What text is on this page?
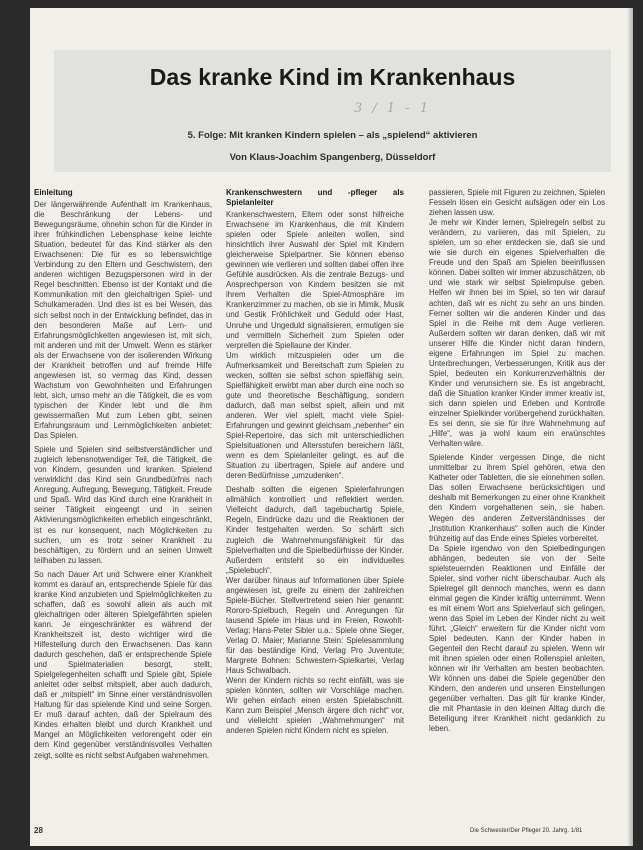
Das kranke Kind im Krankenhaus
3 / 1 - 1
5. Folge: Mit kranken Kindern spielen – als „spielend“ aktivieren
Von Klaus-Joachim Spangenberg, Düsseldorf
Einleitung

Der längerwährende Aufenthalt im Krankenhaus, die Beschränkung der Lebens- und Bewegungsräume, ohnehin schon für die Kinder in ihrer frühkindlichen Lebensphase keine leichte Situation, bedeutet für das Kind stärker als den Erwachsenen: Die für es so lebenswichtige Verbindung zu den Eltern und Geschwistern, den anderen wichtigen Bezugspersonen wird in der Regel beschnitten. Ebenso ist der Kontakt und die Kommunikation mit den gleichaltrigen Spiel- und Schulkameraden. Und dies ist es bei Wesen, das sich selbst noch in der Entwicklung befindet, das in den besonderen Maße auf Lern- und Erfahrungsmöglichkeiten angewiesen ist, mit sich, mit anderen und mit der Umwelt. Wenn es stärker als der Erwachsene von der isolierenden Wirkung der Krankheit betroffen und auf fremde Hilfe angewiesen ist, so vermag das Kind, dessen Wachstum von Gewohnheiten und Erfahrungen lebt, sich, umso mehr an die Tätigkeit, die es vom typischen der Kinder lebt und die ihm gewissermaßen Mut zum Leben gibt, seinen Erfahrungsraum und Lernmöglichkeiten anbietet: Das Spielen.

Spiele und Spielen sind selbstverständlicher und zugleich lebensnotwendiger Teil, die Tätigkeit, die von Kindern, gesunden und kranken. Spielend verwirklicht das Kind sein Grundbedürfnis nach Anregung, Aufregung, Bewegung, Tätigkeit, Freude und Spaß. Wird das Kind durch eine Krankheit in seiner Tätigkeit eingeengt und in seinen Aktivierungsmöglichkeiten erheblich eingeschränkt, ist es nur konsequent, nach Möglichkeiten zu suchen, um es trotz seiner Krankheit zu beschäftigen, zu fördern und an seinen Umwelt teilhaben zu lassen.

So nach Dauer Art und Schwere einer Krankheit kommt es darauf an, entsprechende Spiele für das kranke Kind anzubieten und Spielmöglichkeiten zu schaffen, daß es sowohl allein als auch mit gleichaltrigen oder älteren Spielgefährten spielen kann. Je eingeschränkter es während der Krankheitszeit ist, desto wichtiger wird die Hilfestellung durch den Erwachsenen. Das kann dadurch geschehen, daß er entsprechende Spiele und Spielmaterialien besorgt, stellt, Spielgelegenheiten schafft und Spiele gibt, Spiele anleitet oder selbst mitspielt, aber auch dadurch, daß er „mitspielt“ im Sinne einer verständnisvollen Haltung für das spielende Kind und seine Sorgen. Er muß darauf achten, daß der Spielraum des Kindes erhalten bleibt und durch Krankheit und Mangel an Möglichkeiten verlorengeht oder ein dem Kind gegenüber verständnisvolles Verhalten zeigt, sollte es nicht selbst Aufgaben wahrnehmen.

Krankenschwestern und -pfleger als Spielanleiter

Krankenschwestern, Eltern oder sonst hilfreiche Erwachsene im Krankenhaus, die mit Kindern spielen oder Spiele anleiten wollen, sind hinsichtlich ihrer Auswahl der Spiel mit Kindern gleicherweise Spielpartner. Sie können ebenso gewinnen wie verlieren und sollten dabei offen ihre Gefühle ausdrücken. Als die zentrale Bezugs- und Ansprechperson von Kindern besitzen sie mit ihrem Verhalten die Spiel-Atmosphäre im Krankenzimmer zu machen, ob sie in Mimik, Musik und Gestik Fröhlichkeit und Geduld oder Hast, Unruhe und Ungeduld signalisieren, ermutigen sie und vermitteln Sicherheit zum Spielen oder verprellen die Spiellaune der Kinder.

Um wirklich mitzuspielen oder um die Aufmerksamkeit und Bereitschaft zum Spielen zu wecken, sollten sie selbst schon spielfähig sein. Spielfähigkeit erwirbt man aber durch eine noch so gute und theoretische Beschäftigung, sondern dadurch, daß man selbst spielt, allein und mit anderen. Wer viel spielt, macht viele Spiel-Erfahrungen und gewinnt gleichsam „nebenher“ ein Spiel-Repertoire, das sich mit unterschiedlichen Spielsituationen und Altersstufen bereichern läßt, wenn es dem Spielanleiter gelingt, es auf die Situation zu übertragen, Spiele auf andere und deren Bedürfnisse „umzudenken“.

Deshalb sollten die eigenen Spielerfahrungen allmählich kontrolliert und reflektiert werden. Vielleicht dadurch, daß tagebuchartig Spiele, Regeln, Eindrücke dazu und die Reaktionen der Kinder festgehalten werden. So schärft sich zugleich die Wahrnehmungsfähigkeit für das Spielverhalten und die Spielbedürfnisse der Kinder. Außerdem entsteht so ein individuelles „Spielebuch“.

Wer darüber hinaus auf Informationen über Spiele angewiesen ist, greife zu einem der zahlreichen Spiele-Bücher. Stellvertretend seien hier genannt: Rororo-Spielbuch, Regeln und Anregungen für tausend Spiele im Haus und im Freien, Rowohlt-Verlag; Hans-Peter Sibler u.a.: Spiele ohne Sieger, Verlag O. Maier; Marianne Stein: Spielesammlung für das beständige Kind, Verlag Pro Juventute; Margrete Bohnen: Schwestern-Spielkartei, Verlag Haus Schwalbach.

Wenn der Kindern nichts so recht einfällt, was sie spielen könnten, sollten wir Vorschläge machen. Wir gehen einfach einen ersten Spielabschnitt. Kann zum Beispiel „Mensch ärgere dich nicht“ vor, und vielleicht spielen „Wahrnehmungen“ mit anderen Spielen nicht Kindern nicht es spielen.

passieren, Spiele mit Figuren zu zeichnen, Spielen Fesseln lösen ein Gesicht aufsägen oder ein Los ziehen lassen usw.

Je mehr wir Kinder lernen, Spielregeln selbst zu verändern, zu variieren, das mit Spielen, zu spielen, um so eher entdecken sie, daß sie und wie sie durch ein eigenes Spielverhalten die Freude und den Spaß am Spielen beeinflussen können. Dabei sollten wir immer abzuschätzen, ob und wie stark wir selbst Spielimpulse geben. Helfen wir ihnen bei im Spiel, so ten wir darauf achten, daß wir es nicht zu sehr an uns binden. Ferner sollten wir die anderen Kinder und das Spiel in die Reihe mit dem Auge verlieren. Außerdem sollten wir daran denken, daß wir mit unserer Hilfe die Kinder nicht daran hindern, eigene Erfahrungen im Spiel zu machen. Unterbrechungen, Verbesserungen, Kritik aus der Spiel, bedeuten ein Konkurrenzverhältnis der Kinder und verunsichern sie. Es ist angebracht, daß die Situation kranker Kinder immer kreativ ist, sich dann spielen und Erleben und Kontrolle einzelner Spielkinder vorübergehend zurückhalten. Es sei denn, sie sie für ihre Wahrnehmung auf „Hilfe“, was ja wohl kaum ein erwünschtes Verhalten wäre.

Spielende Kinder vergessen Dinge, die nicht unmittelbar zu ihrem Spiel gehören, etwa den Katheter oder Tabletten, die sie einnehmen sollen. Das sollen Erwachsene berücksichtigen und deshalb mit Bemerkungen zu einer ohne Krankheit den Kindern vorgehaltenen sein, sie haben. Wegen des anderen Zeitverständnisses der „Institution Krankenhaus“ sollen auch die Kinder frühzeitig auf das Ende eines Spieles vorbereitet.

Da Spiele irgendwo von den Spielbedingungen abhängen, bedeuten sie von der Seite spielsteuernden Reaktionen und Einfälle der Spieler, sind vorher nicht überschaubar. Auch als Spielregel gilt dennoch manches, wenn es dann einmal gegen die Kinder kräftig unternimmt. Wenn es mit einem Wort ans Spielverlauf sich gelingen, wenn das Spiel im Leben der Kinder nicht zu weit führt. „Gleich“ erweitern für die Kinder nicht vom Spiel bedeuten. Kann der Kinder haben in Gegenteil den Recht darauf zu spielen. Wenn wir mit ihnen spielen oder einen Rollenspiel anleiten, können wir ihr Verhalten am besten beobachten. Wir können uns dabei die Spiele gegenüber den Kindern, den anderen und unseren Einstellungen gegenüber verhalten. Das gilt für kranke Kinder, die mit Phantasie in den kleinen Alltag durch die Beteiligung ihrer Krankheit nicht gedanklich zu leben.

28	Die Schwester/Der Pfleger 20. Jahrg. 1/81
